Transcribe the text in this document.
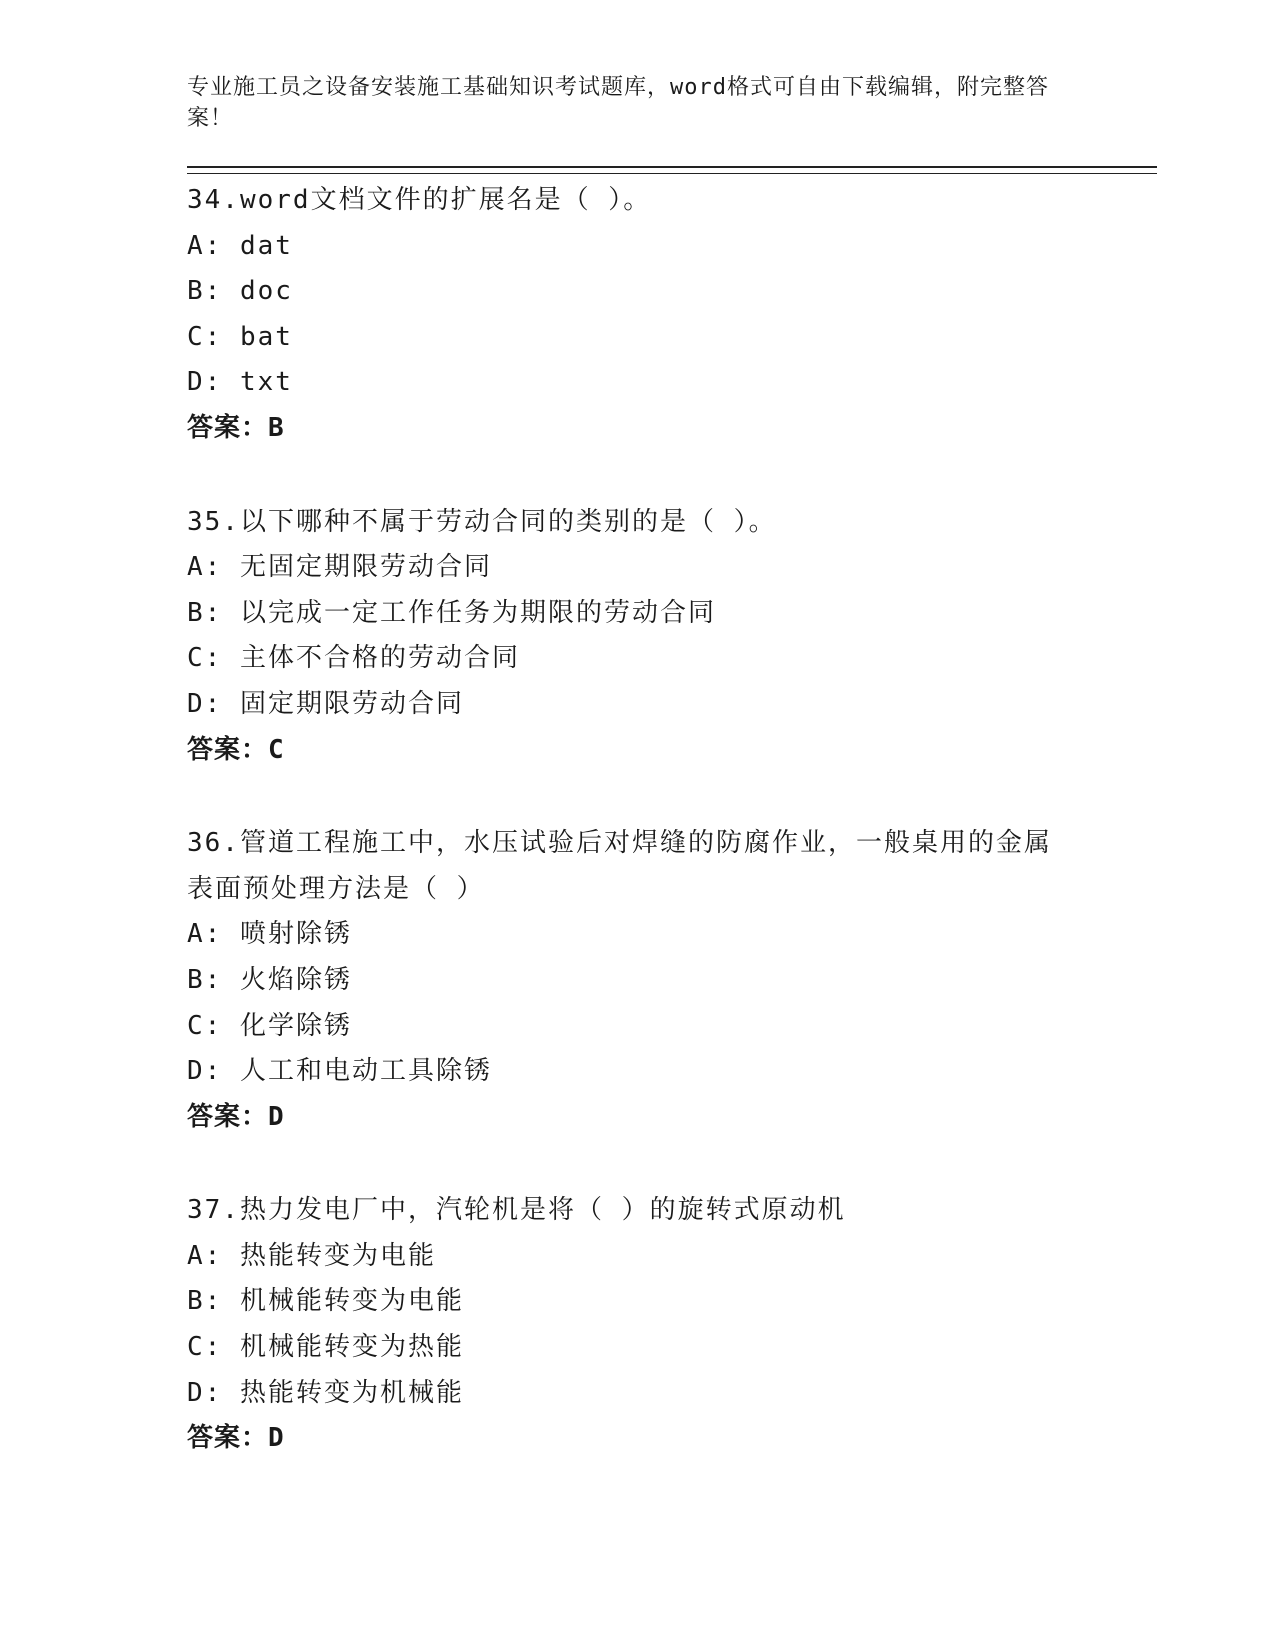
专业施工员之设备安装施工基础知识考试题库，word格式可自由下载编辑，附完整答案！
34.word文档文件的扩展名是（ ）。
A: dat
B: doc
C: bat
D: txt
答案：B
35.以下哪种不属于劳动合同的类别的是（ ）。
A: 无固定期限劳动合同
B: 以完成一定工作任务为期限的劳动合同
C: 主体不合格的劳动合同
D: 固定期限劳动合同
答案：C
36.管道工程施工中，水压试验后对焊缝的防腐作业，一般桌用的金属表面预处理方法是（ ）
A: 喷射除锈
B: 火焰除锈
C: 化学除锈
D: 人工和电动工具除锈
答案：D
37.热力发电厂中，汽轮机是将（ ）的旋转式原动机
A: 热能转变为电能
B: 机械能转变为电能
C: 机械能转变为热能
D: 热能转变为机械能
答案：D
